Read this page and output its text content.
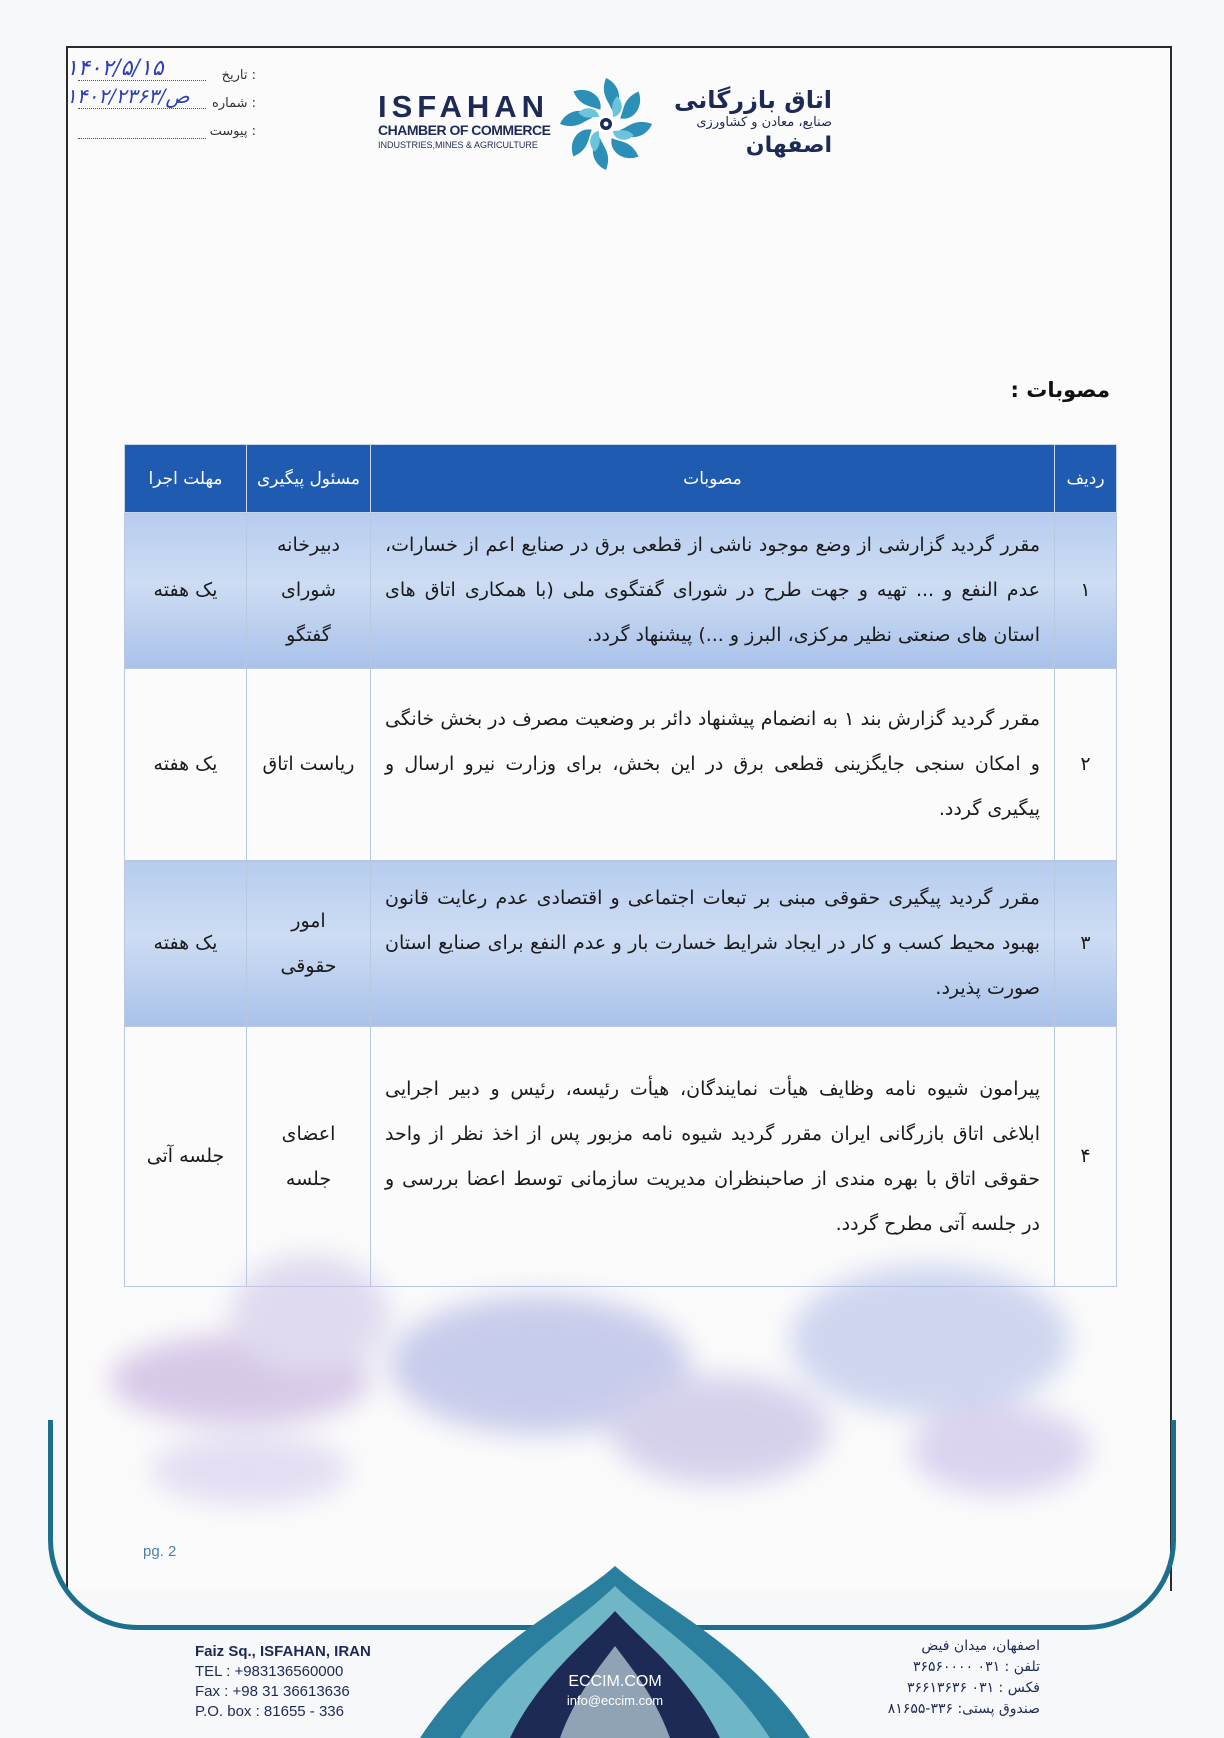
۱۴۰۲/۵/۱۵	تاریخ :
۱۴۰۲/ص/۲۳۶۳ شماره :
پیوست :
ISFAHAN
CHAMBER OF COMMERCE
INDUSTRIES,MINES & AGRICULTURE
اتاق بازرگانی
صنایع، معادن و کشاورزی
اصفهان
مصوبات :
ردیف	مصوبات	مسئول پیگیری	مهلت اجرا
۱	مقرر گردید گزارشی از وضع موجود ناشی از قطعی برق در صنایع اعم از خسارات، عدم النفع و ... تهیه و جهت طرح در شورای گفتگوی ملی (با همکاری اتاق های استان های صنعتی نظیر مرکزی، البرز و ...) پیشنهاد گردد.	دبیرخانه شورای گفتگو	یک هفته
۲	مقرر گردید گزارش بند ۱ به انضمام پیشنهاد دائر بر وضعیت مصرف در بخش خانگی و امکان سنجی جایگزینی قطعی برق در این بخش، برای وزارت نیرو ارسال و پیگیری گردد.	ریاست اتاق	یک هفته
۳	مقرر گردید پیگیری حقوقی مبنی بر تبعات اجتماعی و اقتصادی عدم رعایت قانون بهبود محیط کسب و کار در ایجاد شرایط خسارت بار و عدم النفع برای صنایع استان صورت پذیرد.	امور حقوقی	یک هفته
۴	پیرامون شیوه نامه وظایف هیأت نمایندگان، هیأت رئیسه، رئیس و دبیر اجرایی ابلاغی اتاق بازرگانی ایران مقرر گردید شیوه نامه مزبور پس از اخذ نظر از واحد حقوقی اتاق با بهره مندی از صاحبنظران مدیریت سازمانی توسط اعضا بررسی و در جلسه آتی مطرح گردد.	اعضای جلسه	جلسه آتی
pg. 2
Faiz Sq., ISFAHAN, IRAN
TEL : +983136560000
Fax : +98 31 36613636
P.O. box : 81655 - 336
ECCIM.COM
info@eccim.com
اصفهان، میدان فیض
تلفن : ۰۳۱ ۳۶۵۶۰۰۰۰
فکس : ۰۳۱ ۳۶۶۱۳۶۳۶
صندوق پستی: ۳۳۶-۸۱۶۵۵
